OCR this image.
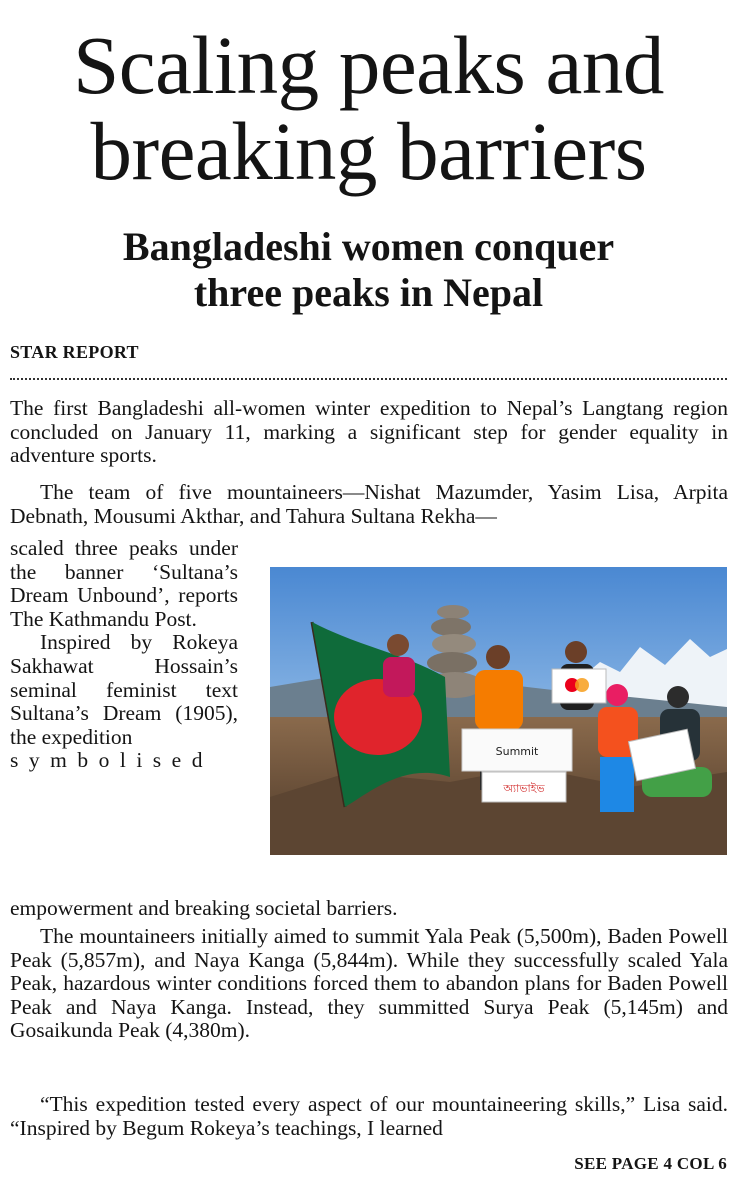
Scaling peaks and
breaking barriers
Bangladeshi women conquer
three peaks in Nepal
STAR REPORT

The first Bangladeshi all-women winter expedition to Nepal’s Langtang region concluded on January 11, marking a significant step for gender equality in adventure sports.

The team of five mountaineers—Nishat Mazumder, Yasim Lisa, Arpita Debnath, Mousumi Akthar, and Tahura Sultana Rekha—

scaled three peaks under the banner ‘Sultana’s Dream Unbound’, reports The Kathmandu Post.
Inspired by Rokeya Sakhawat Hossain’s seminal feminist text Sultana’s Dream (1905), the expedition
symbolised

empowerment and breaking societal barriers.

The mountaineers initially aimed to summit Yala Peak (5,500m), Baden Powell Peak (5,857m), and Naya Kanga (5,844m). While they successfully scaled Yala Peak, hazardous winter conditions forced them to abandon plans for Baden Powell Peak and Naya Kanga. Instead, they summitted Surya Peak (5,145m) and Gosaikunda Peak (4,380m).

“This expedition tested every aspect of our mountaineering skills,” Lisa said. “Inspired by Begum Rokeya’s teachings, I learned

SEE PAGE 4 COL 6
Summit
অ্যাভাইভ
